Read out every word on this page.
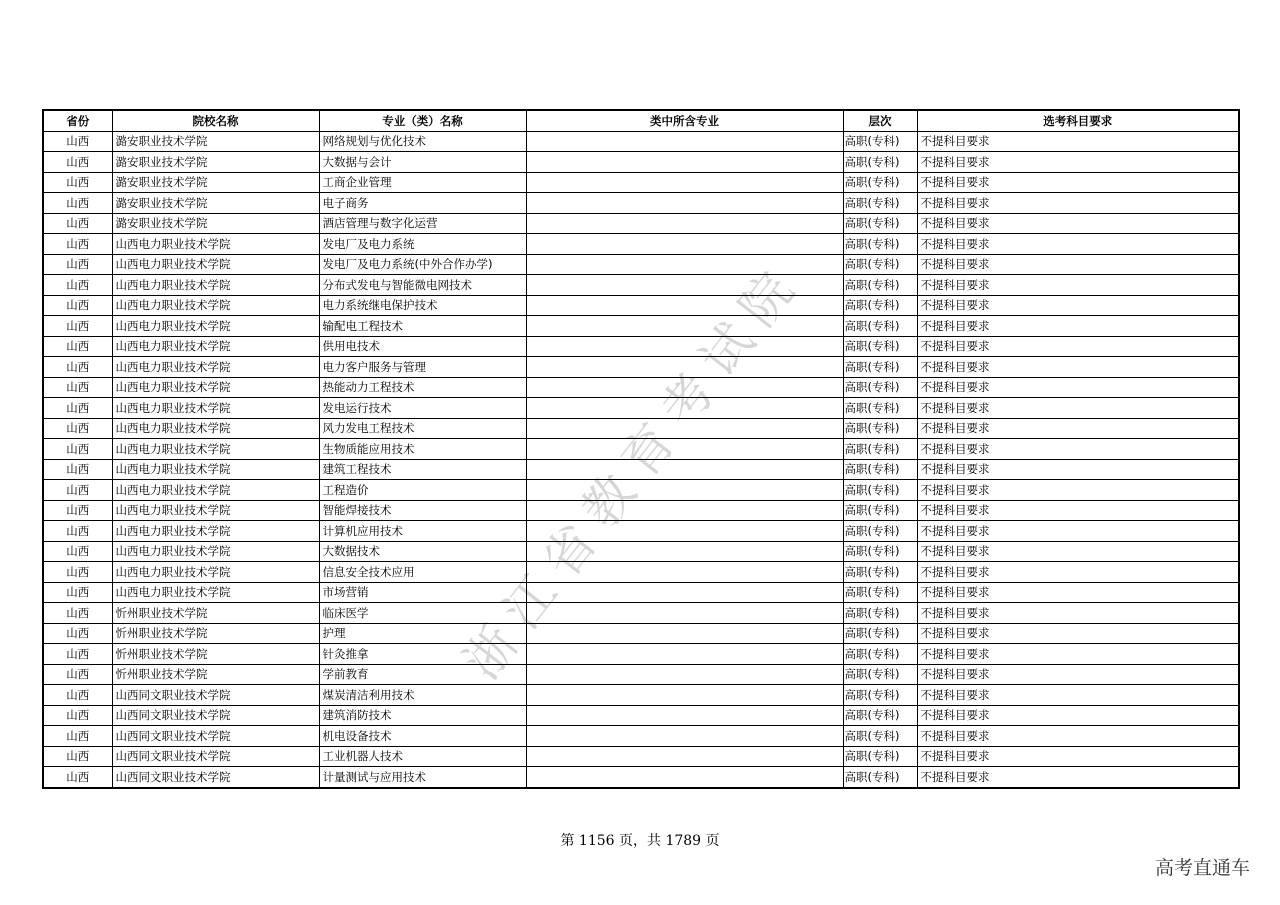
省份	院校名称	专业（类）名称	类中所含专业	层次	选考科目要求
山西	潞安职业技术学院	网络规划与优化技术		高职(专科)	不提科目要求
山西	潞安职业技术学院	大数据与会计		高职(专科)	不提科目要求
山西	潞安职业技术学院	工商企业管理		高职(专科)	不提科目要求
山西	潞安职业技术学院	电子商务		高职(专科)	不提科目要求
山西	潞安职业技术学院	酒店管理与数字化运营		高职(专科)	不提科目要求
山西	山西电力职业技术学院	发电厂及电力系统		高职(专科)	不提科目要求
山西	山西电力职业技术学院	发电厂及电力系统(中外合作办学)		高职(专科)	不提科目要求
山西	山西电力职业技术学院	分布式发电与智能微电网技术		高职(专科)	不提科目要求
山西	山西电力职业技术学院	电力系统继电保护技术		高职(专科)	不提科目要求
山西	山西电力职业技术学院	输配电工程技术		高职(专科)	不提科目要求
山西	山西电力职业技术学院	供用电技术		高职(专科)	不提科目要求
山西	山西电力职业技术学院	电力客户服务与管理		高职(专科)	不提科目要求
山西	山西电力职业技术学院	热能动力工程技术		高职(专科)	不提科目要求
山西	山西电力职业技术学院	发电运行技术		高职(专科)	不提科目要求
山西	山西电力职业技术学院	风力发电工程技术		高职(专科)	不提科目要求
山西	山西电力职业技术学院	生物质能应用技术		高职(专科)	不提科目要求
山西	山西电力职业技术学院	建筑工程技术		高职(专科)	不提科目要求
山西	山西电力职业技术学院	工程造价		高职(专科)	不提科目要求
山西	山西电力职业技术学院	智能焊接技术		高职(专科)	不提科目要求
山西	山西电力职业技术学院	计算机应用技术		高职(专科)	不提科目要求
山西	山西电力职业技术学院	大数据技术		高职(专科)	不提科目要求
山西	山西电力职业技术学院	信息安全技术应用		高职(专科)	不提科目要求
山西	山西电力职业技术学院	市场营销		高职(专科)	不提科目要求
山西	忻州职业技术学院	临床医学		高职(专科)	不提科目要求
山西	忻州职业技术学院	护理		高职(专科)	不提科目要求
山西	忻州职业技术学院	针灸推拿		高职(专科)	不提科目要求
山西	忻州职业技术学院	学前教育		高职(专科)	不提科目要求
山西	山西同文职业技术学院	煤炭清洁利用技术		高职(专科)	不提科目要求
山西	山西同文职业技术学院	建筑消防技术		高职(专科)	不提科目要求
山西	山西同文职业技术学院	机电设备技术		高职(专科)	不提科目要求
山西	山西同文职业技术学院	工业机器人技术		高职(专科)	不提科目要求
山西	山西同文职业技术学院	计量测试与应用技术		高职(专科)	不提科目要求
浙江省教育考试院
第 1156 页，共 1789 页
高考直通车
